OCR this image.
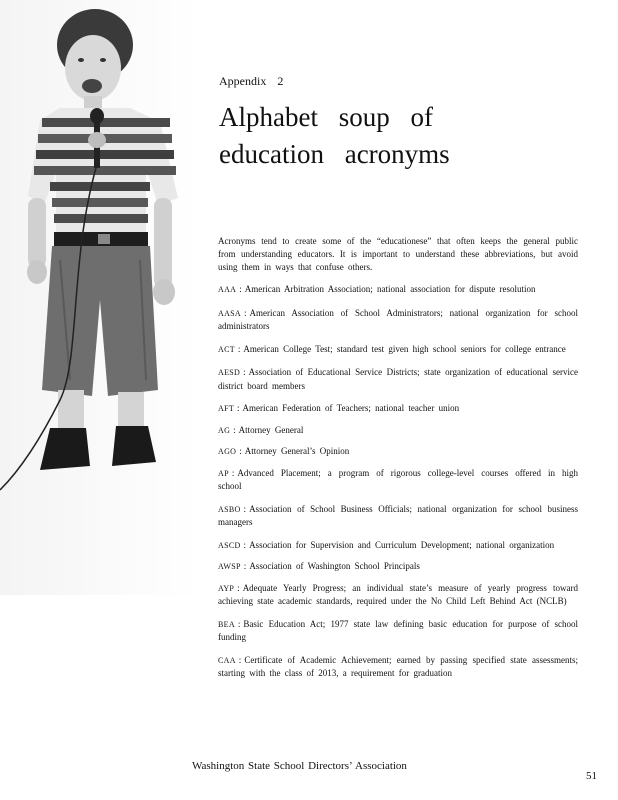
Appendix 2
Alphabet soup of
education acronyms

Acronyms tend to create some of the “educationese” that often keeps the general public from understanding educators. It is important to understand these abbreviations, but avoid using them in ways that confuse others.

AAA : American Arbitration Association; national association for dispute resolution
AASA : American Association of School Administrators; national organization for school administrators
ACT : American College Test; standard test given high school seniors for college entrance
AESD : Association of Educational Service Districts; state organization of educational service district board members
AFT : American Federation of Teachers; national teacher union
AG : Attorney General
AGO : Attorney General’s Opinion
AP : Advanced Placement; a program of rigorous college-level courses offered in high school
ASBO : Association of School Business Officials; national organization for school business managers
ASCD : Association for Supervision and Curriculum Development; national organization
AWSP : Association of Washington School Principals
AYP : Adequate Yearly Progress; an individual state’s measure of yearly progress toward achieving state academic standards, required under the No Child Left Behind Act (NCLB)
BEA : Basic Education Act; 1977 state law defining basic education for purpose of school funding
CAA : Certificate of Academic Achievement; earned by passing specified state assessments; starting with the class of 2013, a requirement for graduation
Washington State School Directors’ Association
51
